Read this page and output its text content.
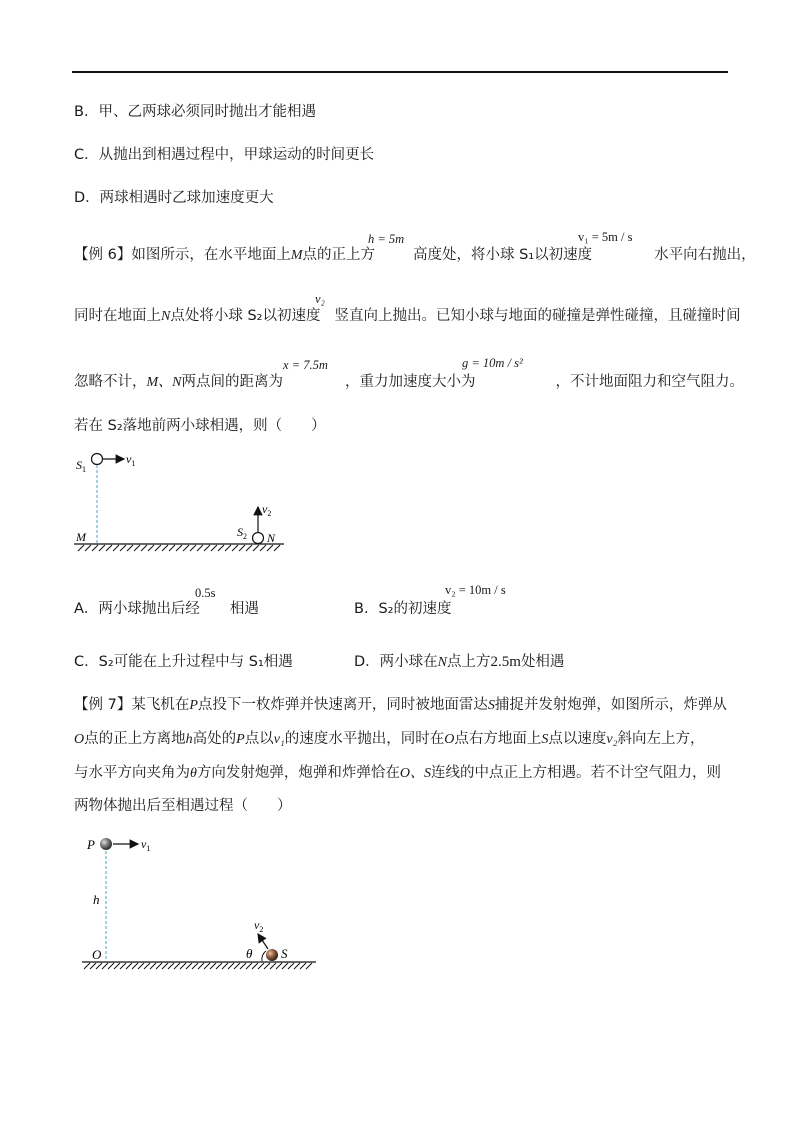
B．甲、乙两球必须同时抛出才能相遇
C．从抛出到相遇过程中，甲球运动的时间更长
D．两球相遇时乙球加速度更大
【例 6】如图所示，在水平地面上M点的正上方	高度处，将小球 S₁以初速度	水平向右抛出，
h = 5m	v₁ = 5m / s
同时在地面上N点处将小球 S₂以初速度 竖直向上抛出。已知小球与地面的碰撞是弹性碰撞，且碰撞时间
v₂
忽略不计，M、N两点间的距离为	，重力加速度大小为	，不计地面阻力和空气阻力。
x = 7.5m	g = 10m / s²
若在 S₂落地前两小球相遇，则（　　）
$v_1$
$S_1$
M
$v_2$
$S_2$ N
A．两小球抛出后经 相遇
0.5s
B．S₂的初速度
v₂ = 10m / s
C．S₂可能在上升过程中与 S₁相遇	D．两小球在N点上方2.5m处相遇
【例 7】某飞机在P点投下一枚炸弹并快速离开，同时被地面雷达S捕捉并发射炮弹，如图所示，炸弹从
O点的正上方离地h高处的P点以v₁的速度水平抛出，同时在O点右方地面上S点以速度v₂斜向左上方，
与水平方向夹角为θ方向发射炮弹，炮弹和炸弹恰在O、S连线的中点正上方相遇。若不计空气阻力，则
两物体抛出后至相遇过程（　　）
P	$v_1$
h
O
$v_2$
θ S
